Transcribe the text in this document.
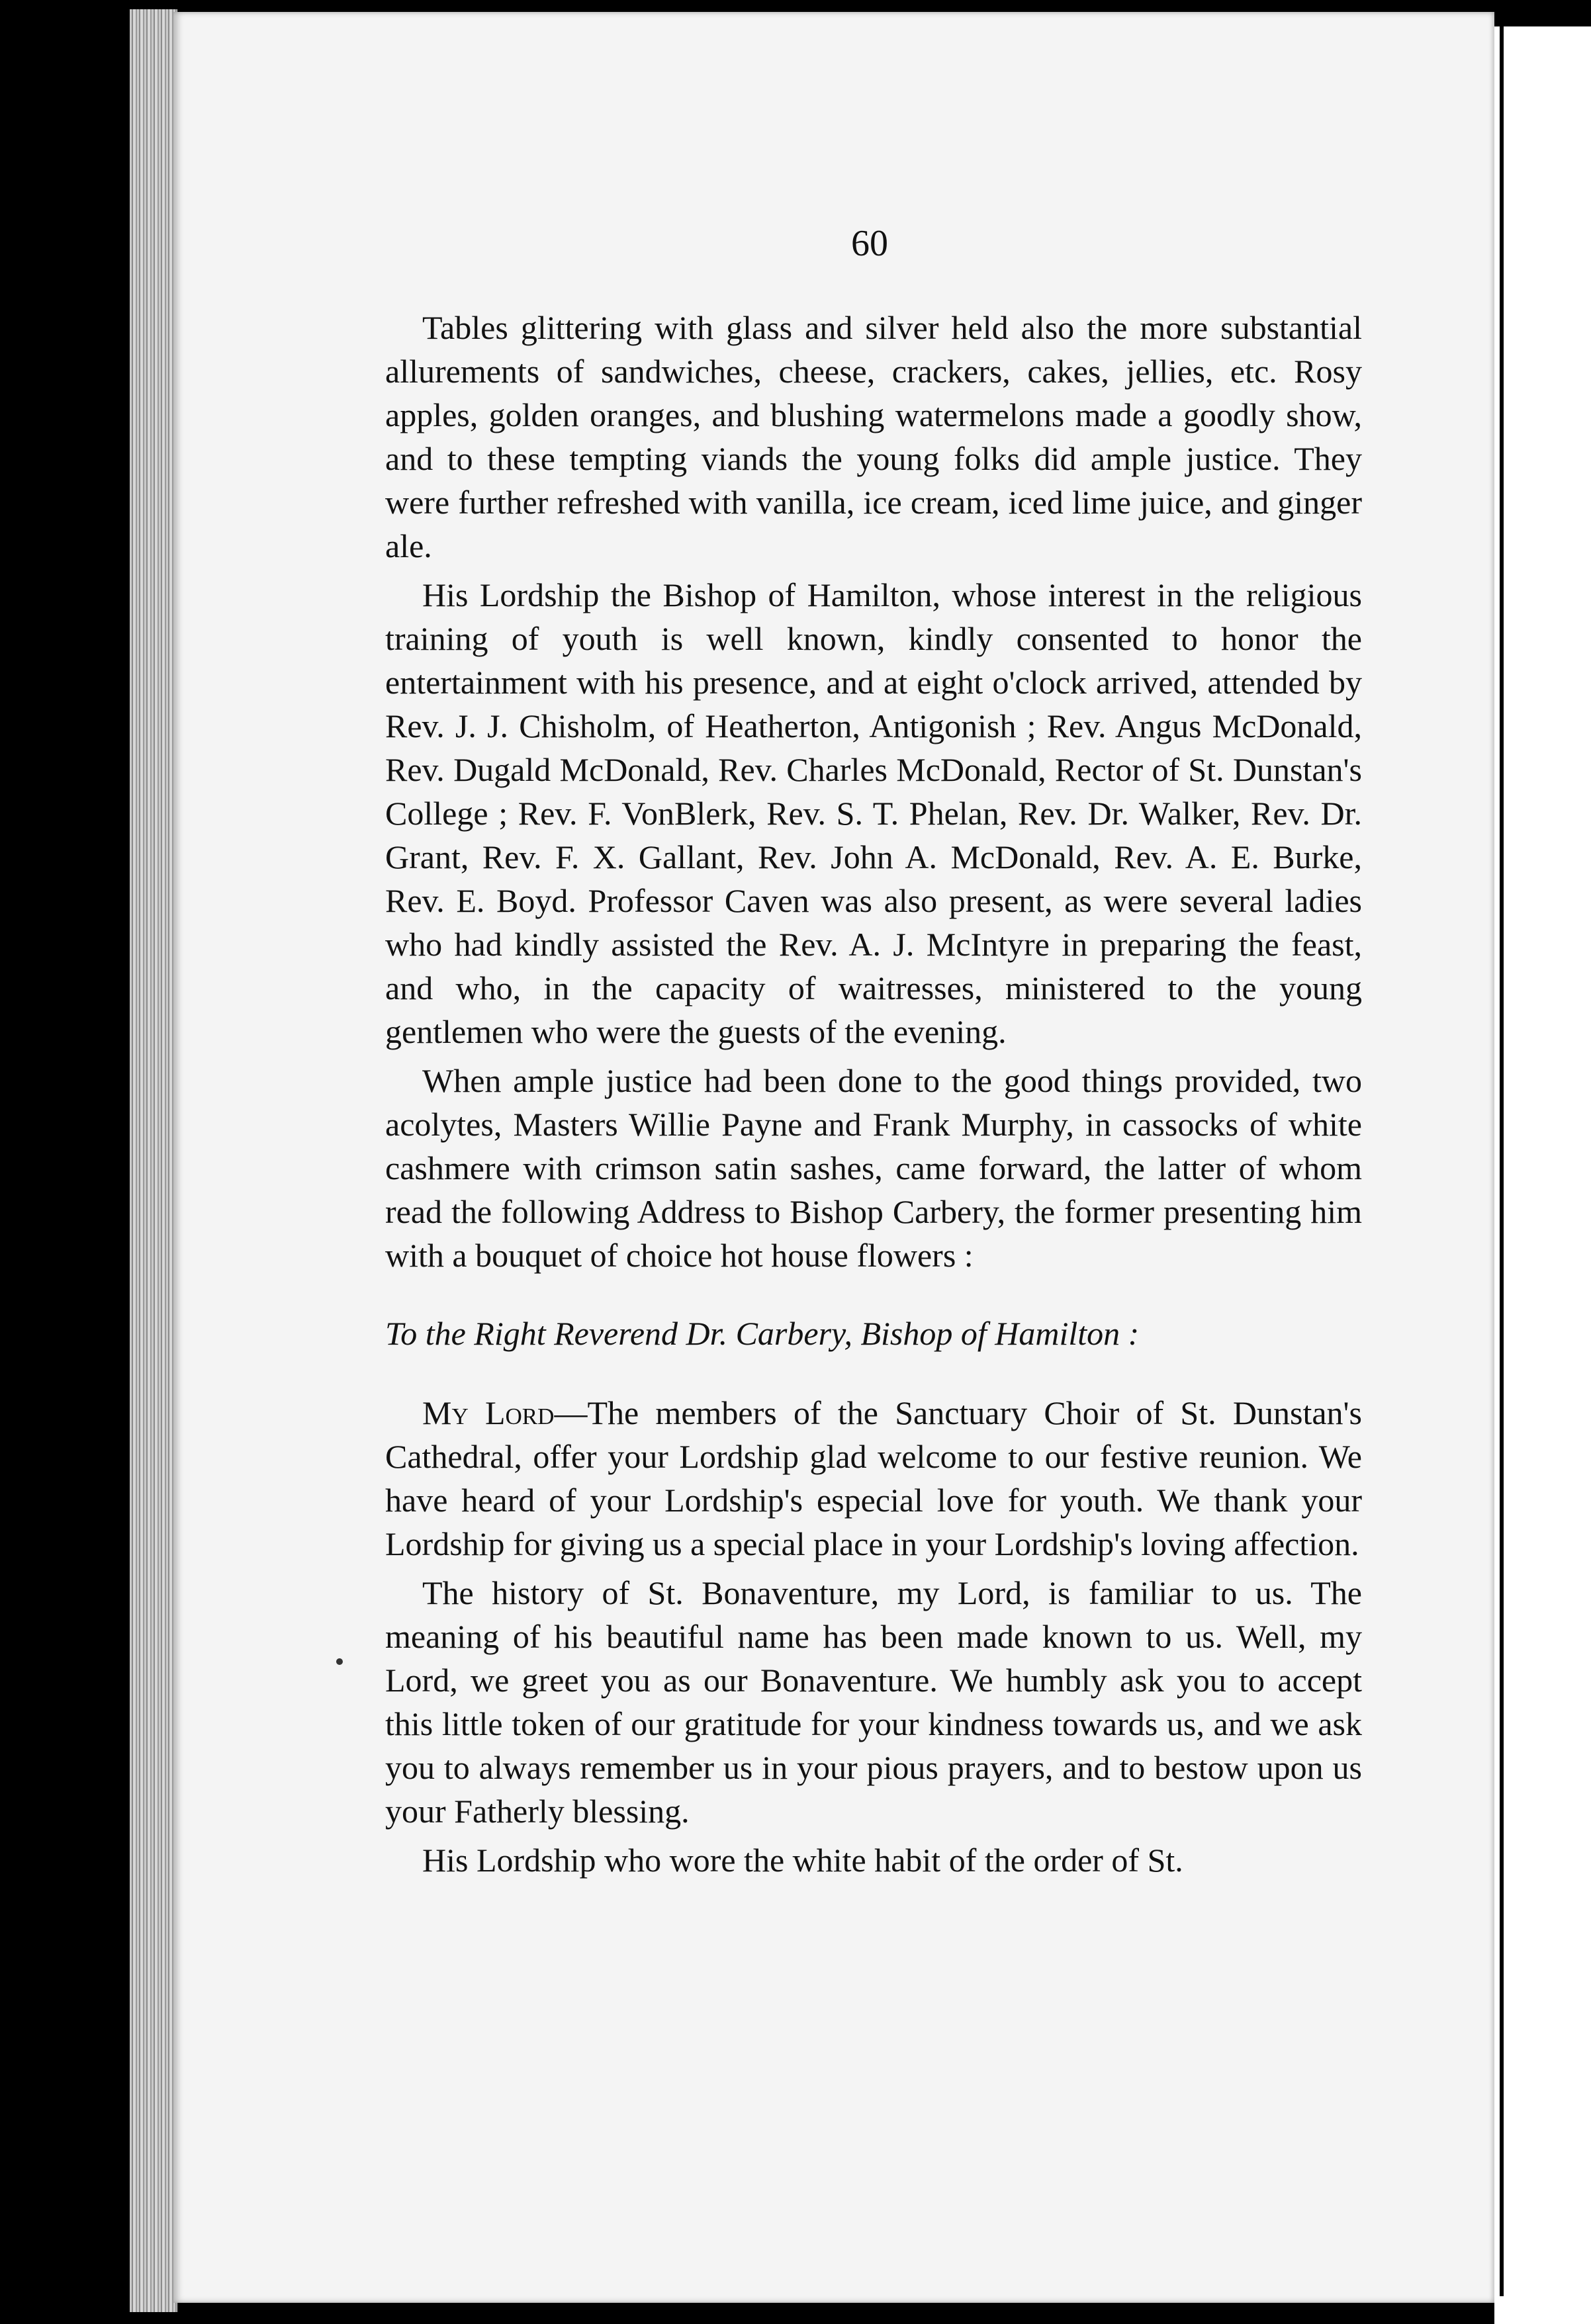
60

Tables glittering with glass and silver held also the more substantial allurements of sandwiches, cheese, crackers, cakes, jellies, etc. Rosy apples, golden oranges, and blushing watermelons made a goodly show, and to these tempting viands the young folks did ample justice. They were further refreshed with vanilla, ice cream, iced lime juice, and ginger ale.

His Lordship the Bishop of Hamilton, whose interest in the religious training of youth is well known, kindly consented to honor the entertainment with his presence, and at eight o'clock arrived, attended by Rev. J. J. Chisholm, of Heatherton, Antigonish ; Rev. Angus McDonald, Rev. Dugald McDonald, Rev. Charles McDonald, Rector of St. Dunstan's College ; Rev. F. VonBlerk, Rev. S. T. Phelan, Rev. Dr. Walker, Rev. Dr. Grant, Rev. F. X. Gallant, Rev. John A. McDonald, Rev. A. E. Burke, Rev. E. Boyd. Professor Caven was also present, as were several ladies who had kindly assisted the Rev. A. J. McIntyre in preparing the feast, and who, in the capacity of waitresses, ministered to the young gentlemen who were the guests of the evening.

When ample justice had been done to the good things provided, two acolytes, Masters Willie Payne and Frank Murphy, in cassocks of white cashmere with crimson satin sashes, came forward, the latter of whom read the following Address to Bishop Carbery, the former presenting him with a bouquet of choice hot house flowers :

To the Right Reverend Dr. Carbery, Bishop of Hamilton :

My Lord—The members of the Sanctuary Choir of St. Dunstan's Cathedral, offer your Lordship glad welcome to our festive reunion. We have heard of your Lordship's especial love for youth. We thank your Lordship for giving us a special place in your Lordship's loving affection.

The history of St. Bonaventure, my Lord, is familiar to us. The meaning of his beautiful name has been made known to us. Well, my Lord, we greet you as our Bonaventure. We humbly ask you to accept this little token of our gratitude for your kindness towards us, and we ask you to always remember us in your pious prayers, and to bestow upon us your Fatherly blessing.

His Lordship who wore the white habit of the order of St.
